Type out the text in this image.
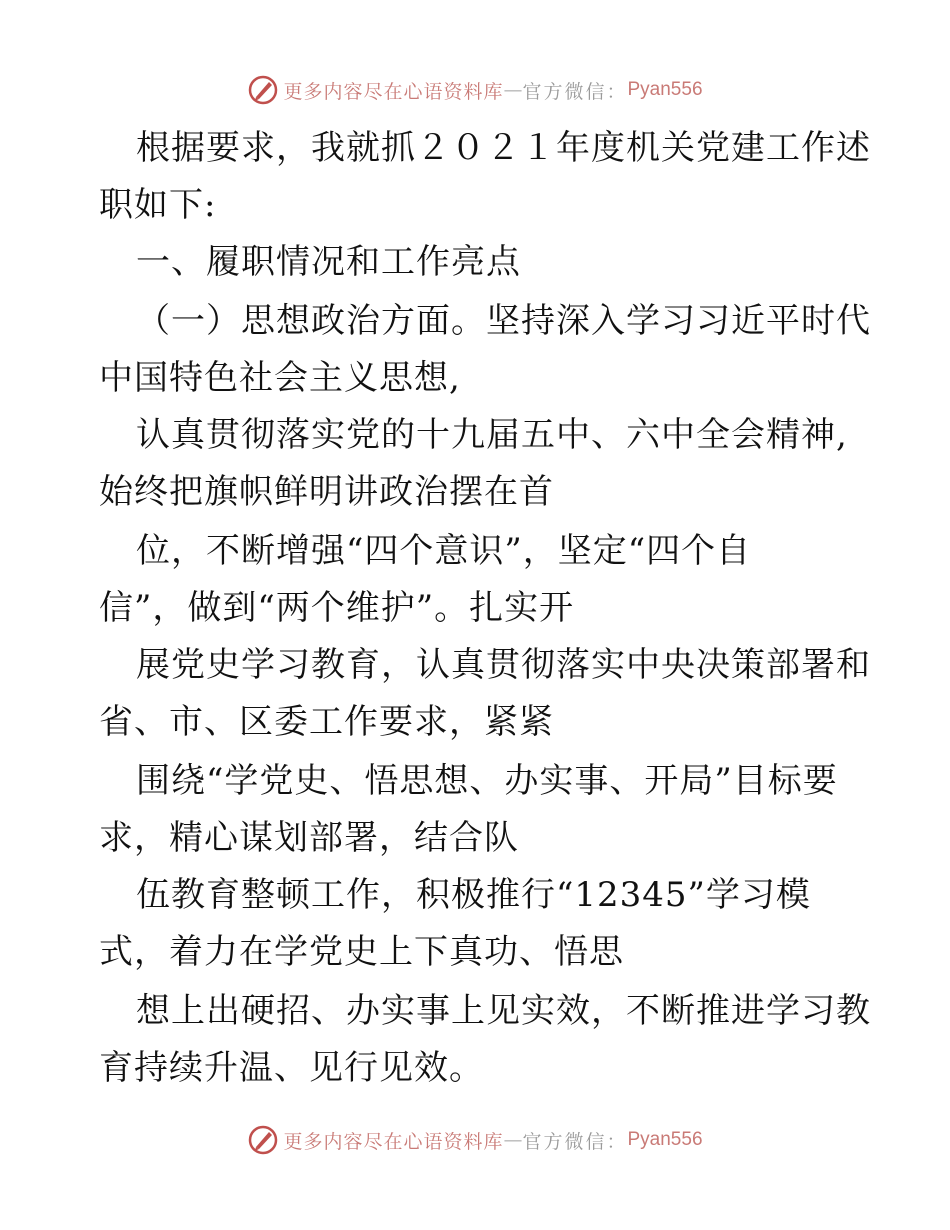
更多内容尽在心语资料库 — 官方微信： Pyan556
根据要求，我就抓２０２１年度机关党建工作述
职如下:
一、履职情况和工作亮点
（一）思想政治方面。坚持深入学习习近平时代
中国特色社会主义思想,
认真贯彻落实党的十九届五中、六中全会精神,
始终把旗帜鲜明讲政治摆在首
位，不断增强“四个意识”，坚定“四个自
信”，做到“两个维护”。扎实开
展党史学习教育，认真贯彻落实中央决策部署和
省、市、区委工作要求，紧紧
围绕“学党史、悟思想、办实事、开局”目标要
求，精心谋划部署，结合队
伍教育整顿工作，积极推行“12345”学习模
式，着力在学党史上下真功、悟思
想上出硬招、办实事上见实效，不断推进学习教
育持续升温、见行见效。
更多内容尽在心语资料库 — 官方微信： Pyan556
